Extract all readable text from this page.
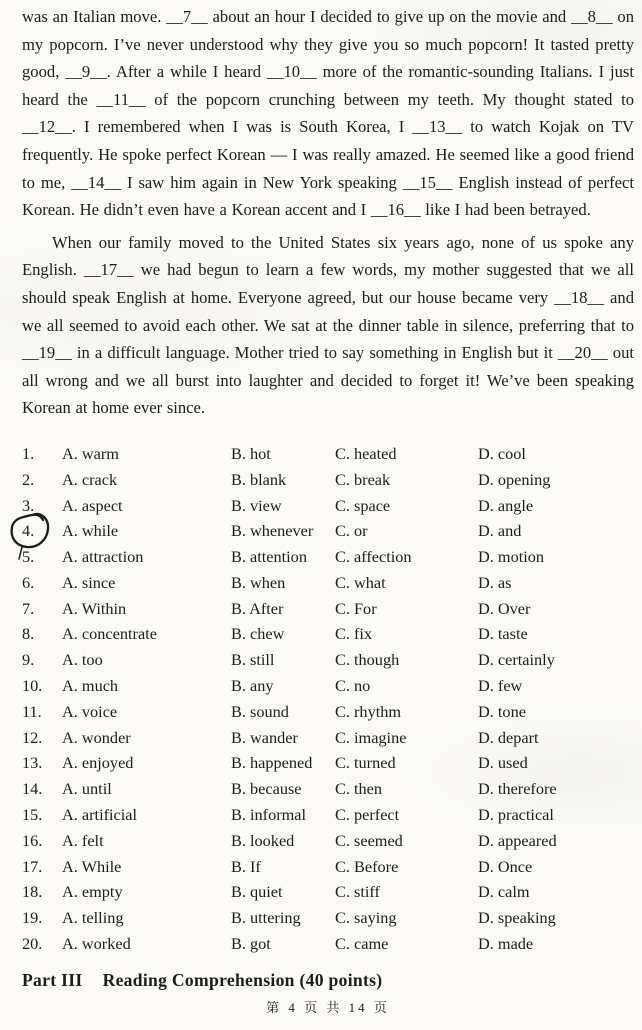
was an Italian move. __7__ about an hour I decided to give up on the movie and __8__ on my popcorn. I’ve never understood why they give you so much popcorn! It tasted pretty good, __9__. After a while I heard __10__ more of the romantic-sounding Italians. I just heard the __11__ of the popcorn crunching between my teeth. My thought stated to __12__. I remembered when I was is South Korea, I __13__ to watch Kojak on TV frequently. He spoke perfect Korean — I was really amazed. He seemed like a good friend to me, __14__ I saw him again in New York speaking __15__ English instead of perfect Korean. He didn’t even have a Korean accent and I __16__ like I had been betrayed.

When our family moved to the United States six years ago, none of us spoke any English. __17__ we had begun to learn a few words, my mother suggested that we all should speak English at home. Everyone agreed, but our house became very __18__ and we all seemed to avoid each other. We sat at the dinner table in silence, preferring that to __19__ in a difficult language. Mother tried to say something in English but it __20__ out all wrong and we all burst into laughter and decided to forget it! We’ve been speaking Korean at home ever since.

1.	A. warm	B. hot	C. heated	D. cool
2.	A. crack	B. blank	C. break	D. opening
3.	A. aspect	B. view	C. space	D. angle
4.	A. while	B. whenever	C. or	D. and
5.	A. attraction	B. attention	C. affection	D. motion
6.	A. since	B. when	C. what	D. as
7.	A. Within	B. After	C. For	D. Over
8.	A. concentrate	B. chew	C. fix	D. taste
9.	A. too	B. still	C. though	D. certainly
10.	A. much	B. any	C. no	D. few
11.	A. voice	B. sound	C. rhythm	D. tone
12.	A. wonder	B. wander	C. imagine	D. depart
13.	A. enjoyed	B. happened	C. turned	D. used
14.	A. until	B. because	C. then	D. therefore
15.	A. artificial	B. informal	C. perfect	D. practical
16.	A. felt	B. looked	C. seemed	D. appeared
17.	A. While	B. If	C. Before	D. Once
18.	A. empty	B. quiet	C. stiff	D. calm
19.	A. telling	B. uttering	C. saying	D. speaking
20.	A. worked	B. got	C. came	D. made
Part III Reading Comprehension (40 points)
第 4 页 共 14 页
